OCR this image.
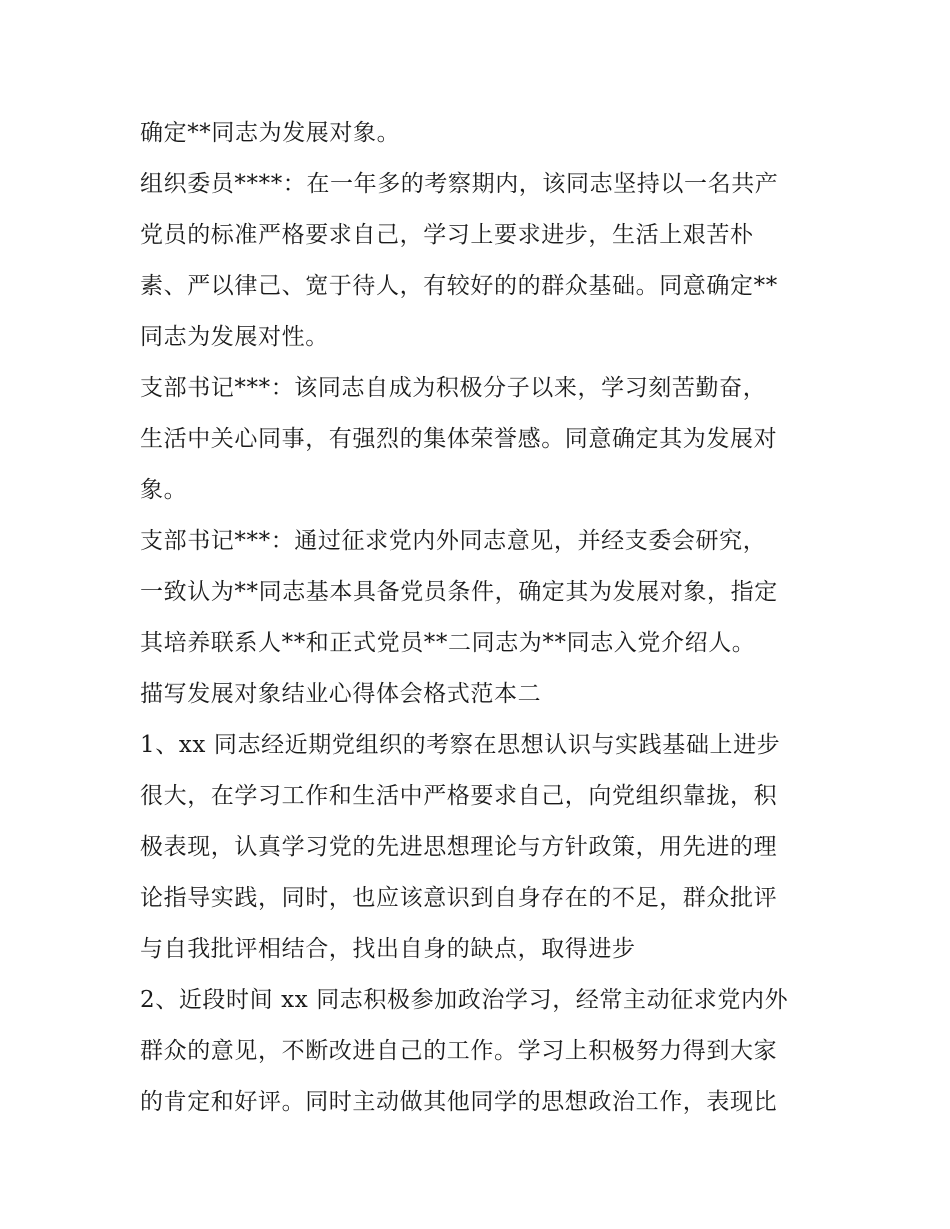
确定**同志为发展对象。
组织委员****：在一年多的考察期内，该同志坚持以一名共产
党员的标准严格要求自己，学习上要求进步，生活上艰苦朴
素、严以律己、宽于待人，有较好的的群众基础。同意确定**
同志为发展对性。
支部书记***：该同志自成为积极分子以来，学习刻苦勤奋，
生活中关心同事，有强烈的集体荣誉感。同意确定其为发展对
象。
支部书记***：通过征求党内外同志意见，并经支委会研究，
一致认为**同志基本具备党员条件，确定其为发展对象，指定
其培养联系人**和正式党员**二同志为**同志入党介绍人。
描写发展对象结业心得体会格式范本二
1、xx 同志经近期党组织的考察在思想认识与实践基础上进步
很大，在学习工作和生活中严格要求自己，向党组织靠拢，积
极表现，认真学习党的先进思想理论与方针政策，用先进的理
论指导实践，同时，也应该意识到自身存在的不足，群众批评
与自我批评相结合，找出自身的缺点，取得进步
2、近段时间 xx 同志积极参加政治学习，经常主动征求党内外
群众的意见，不断改进自己的工作。学习上积极努力得到大家
的肯定和好评。同时主动做其他同学的思想政治工作，表现比
